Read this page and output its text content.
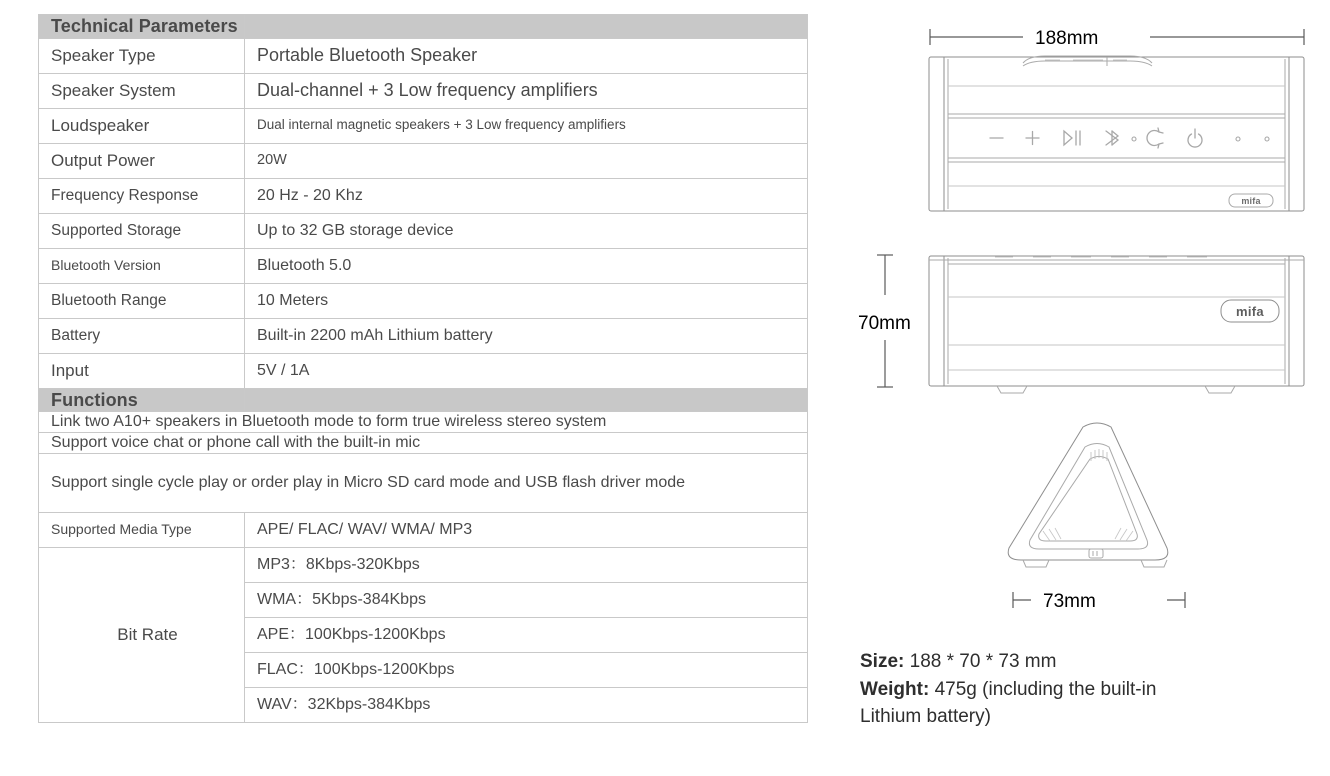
Technical Parameters	
Speaker Type	Portable Bluetooth Speaker
Speaker System	Dual-channel + 3 Low frequency amplifiers
Loudspeaker	Dual internal magnetic speakers + 3 Low frequency amplifiers
Output Power	20W
Frequency Response	20 Hz - 20 Khz
Supported Storage	Up to 32 GB storage device
Bluetooth Version	Bluetooth 5.0
Bluetooth Range	10 Meters
Battery	Built-in 2200 mAh Lithium battery
Input	5V / 1A
Functions	
Link two A10+ speakers in Bluetooth mode to form true wireless stereo system	
Support voice chat or phone call with the built-in mic	
Support single cycle play or order play in Micro SD card mode and USB flash driver mode	
Supported Media Type	APE/ FLAC/ WAV/ WMA/ MP3
Bit Rate	MP3：8Kbps-320Kbps
	WMA：5Kbps-384Kbps
	APE：100Kbps-1200Kbps
	FLAC：100Kbps-1200Kbps
	WAV：32Kbps-384Kbps
188mm
mifa
70mm
mifa
73mm
Size: 188 * 70 * 73 mm
Weight: 475g (including the built-in
Lithium battery)
